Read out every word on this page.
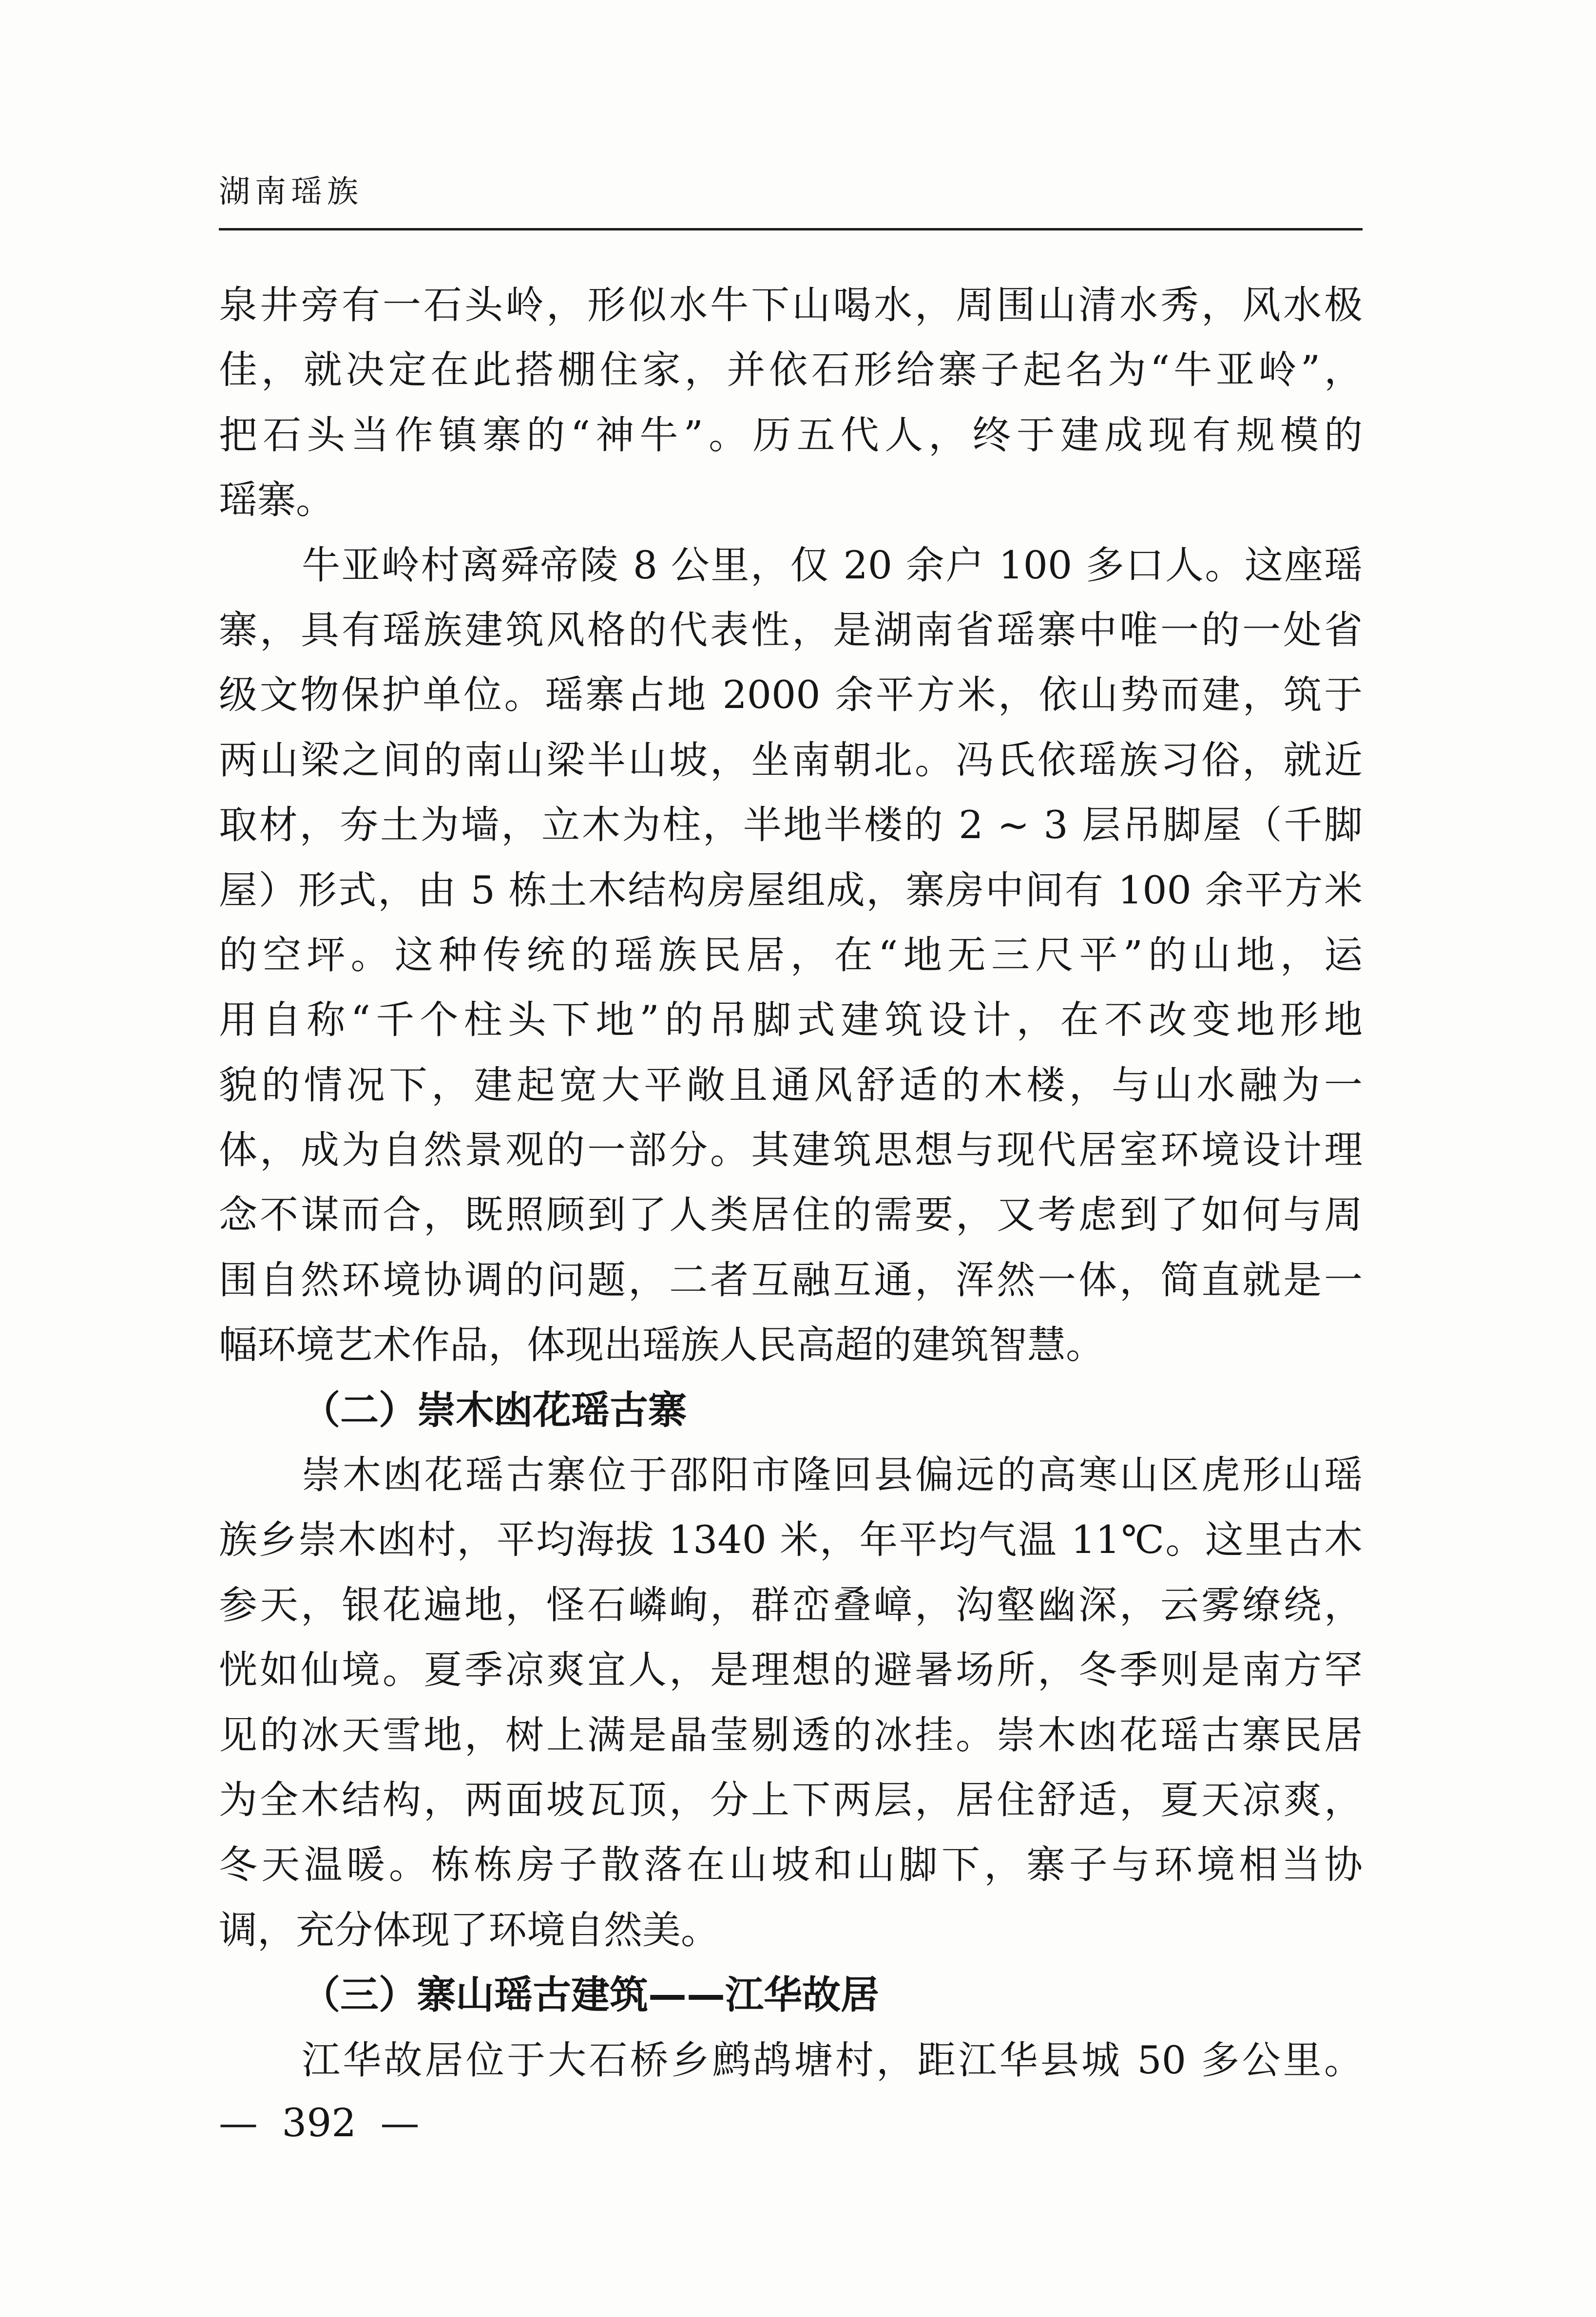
湖南瑶族
泉井旁有一石头岭，形似水牛下山喝水，周围山清水秀，风水极
佳，就决定在此搭棚住家，并依石形给寨子起名为“牛亚岭”，
把石头当作镇寨的“神牛”。历五代人，终于建成现有规模的
瑶寨。
牛亚岭村离舜帝陵 8 公里，仅 20 余户 100 多口人。这座瑶
寨，具有瑶族建筑风格的代表性，是湖南省瑶寨中唯一的一处省
级文物保护单位。瑶寨占地 2000 余平方米，依山势而建，筑于
两山梁之间的南山梁半山坡，坐南朝北。冯氏依瑶族习俗，就近
取材，夯土为墙，立木为柱，半地半楼的 2 ~ 3 层吊脚屋（千脚
屋）形式，由 5 栋土木结构房屋组成，寨房中间有 100 余平方米
的空坪。这种传统的瑶族民居，在“地无三尺平”的山地，运
用自称“千个柱头下地”的吊脚式建筑设计，在不改变地形地
貌的情况下，建起宽大平敞且通风舒适的木楼，与山水融为一
体，成为自然景观的一部分。其建筑思想与现代居室环境设计理
念不谋而合，既照顾到了人类居住的需要，又考虑到了如何与周
围自然环境协调的问题，二者互融互通，浑然一体，简直就是一
幅环境艺术作品，体现出瑶族人民高超的建筑智慧。
（二）崇木凼花瑶古寨
崇木凼花瑶古寨位于邵阳市隆回县偏远的高寒山区虎形山瑶
族乡崇木凼村，平均海拔 1340 米，年平均气温 11℃。这里古木
参天，银花遍地，怪石嶙峋，群峦叠嶂，沟壑幽深，云雾缭绕，
恍如仙境。夏季凉爽宜人，是理想的避暑场所，冬季则是南方罕
见的冰天雪地，树上满是晶莹剔透的冰挂。崇木凼花瑶古寨民居
为全木结构，两面坡瓦顶，分上下两层，居住舒适，夏天凉爽，
冬天温暖。栋栋房子散落在山坡和山脚下，寨子与环境相当协
调，充分体现了环境自然美。
（三）寨山瑶古建筑——江华故居
江华故居位于大石桥乡鹧鸪塘村，距江华县城 50 多公里。
— 392 —
